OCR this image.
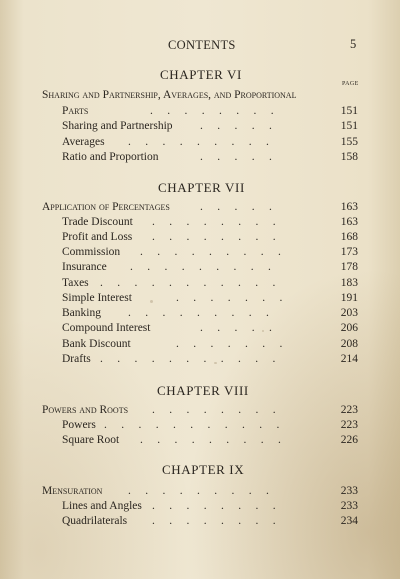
CONTENTS	5
CHAPTER VI
PAGE
Sharing and Partnership, Averages, and Proportional
Parts	.     .     .     .     .     .     .     .	151
Sharing and Partnership .     .     .     .     .	151
Averages .     .     .     .     .     .     .     .     .	155
Ratio and Proportion	.     .     .     .     .	158
CHAPTER VII
Application of Percentages	.     .     .     .     .	163
Trade Discount .     .     .     .     .     .     .     .	163
Profit and Loss .     .     .     .     .     .     .     .	168
Commission .     .     .     .     .     .     .     .     .	173
Insurance .     .     .     .     .     .     .     .     .	178
Taxes .     .     .     .     .     .     .     .     .     .     .	183
Simple Interest	.     .     .     .     .     .     .	191
Banking .     .     .     .     .     .     .     .     .	203
Compound Interest	.     .     .     .     .	206
Bank Discount	.     .     .     .     .     .     .	208
Drafts .     .     .     .     .     .     .     .     .     .     .	214
CHAPTER VIII
Powers and Roots .     .     .     .     .     .     .     .	223
Powers .     .     .     .     .     .     .     .     .     .     .	223
Square Root .     .     .     .     .     .     .     .     .	226
CHAPTER IX
Mensuration .     .     .     .     .     .     .     .     .	233
Lines and Angles .     .     .     .     .     .     .     .	233
Quadrilaterals .     .     .     .     .     .     .     .	234
